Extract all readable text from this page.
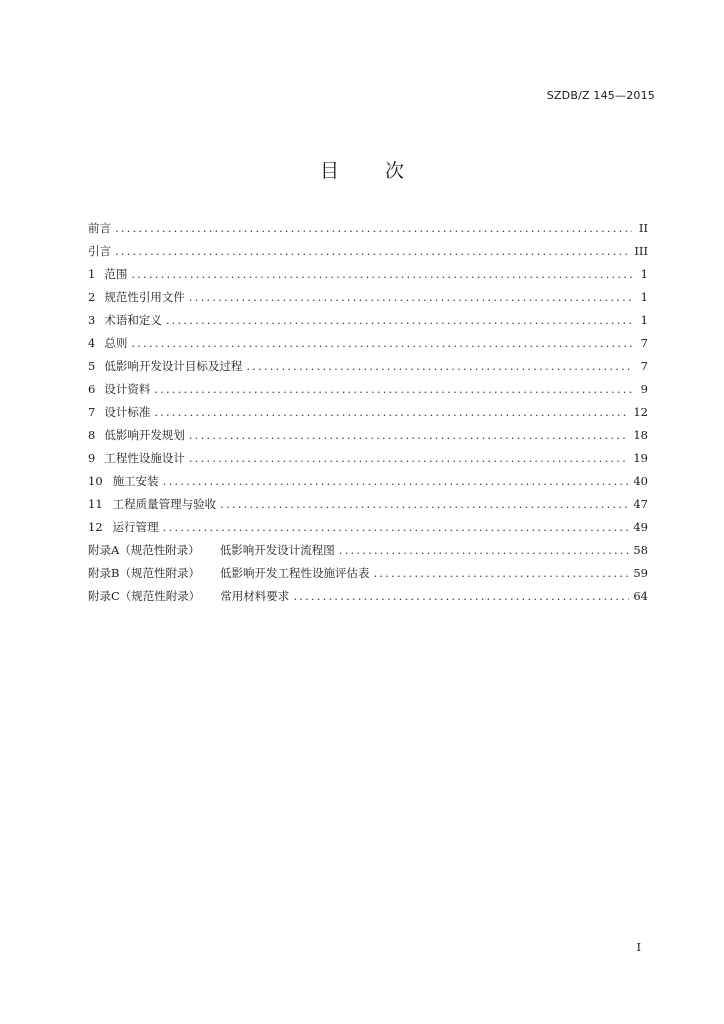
SZDB/Z 145—2015
目 次
前言 .....	II
引言 .....	III
1 范围 .....	1
2 规范性引用文件 .....	1
3 术语和定义 .....	1
4 总则 .....	7
5 低影响开发设计目标及过程 .....	7
6 设计资料 .....	9
7 设计标准 .....	12
8 低影响开发规划 .....	18
9 工程性设施设计 .....	19
10 施工安装 .....	40
11 工程质量管理与验收 .....	47
12 运行管理 .....	49
附录A（规范性附录）	低影响开发设计流程图 .....	58
附录B（规范性附录）	低影响开发工程性设施评估表 .....	59
附录C（规范性附录）	常用材料要求 .....	64
I
